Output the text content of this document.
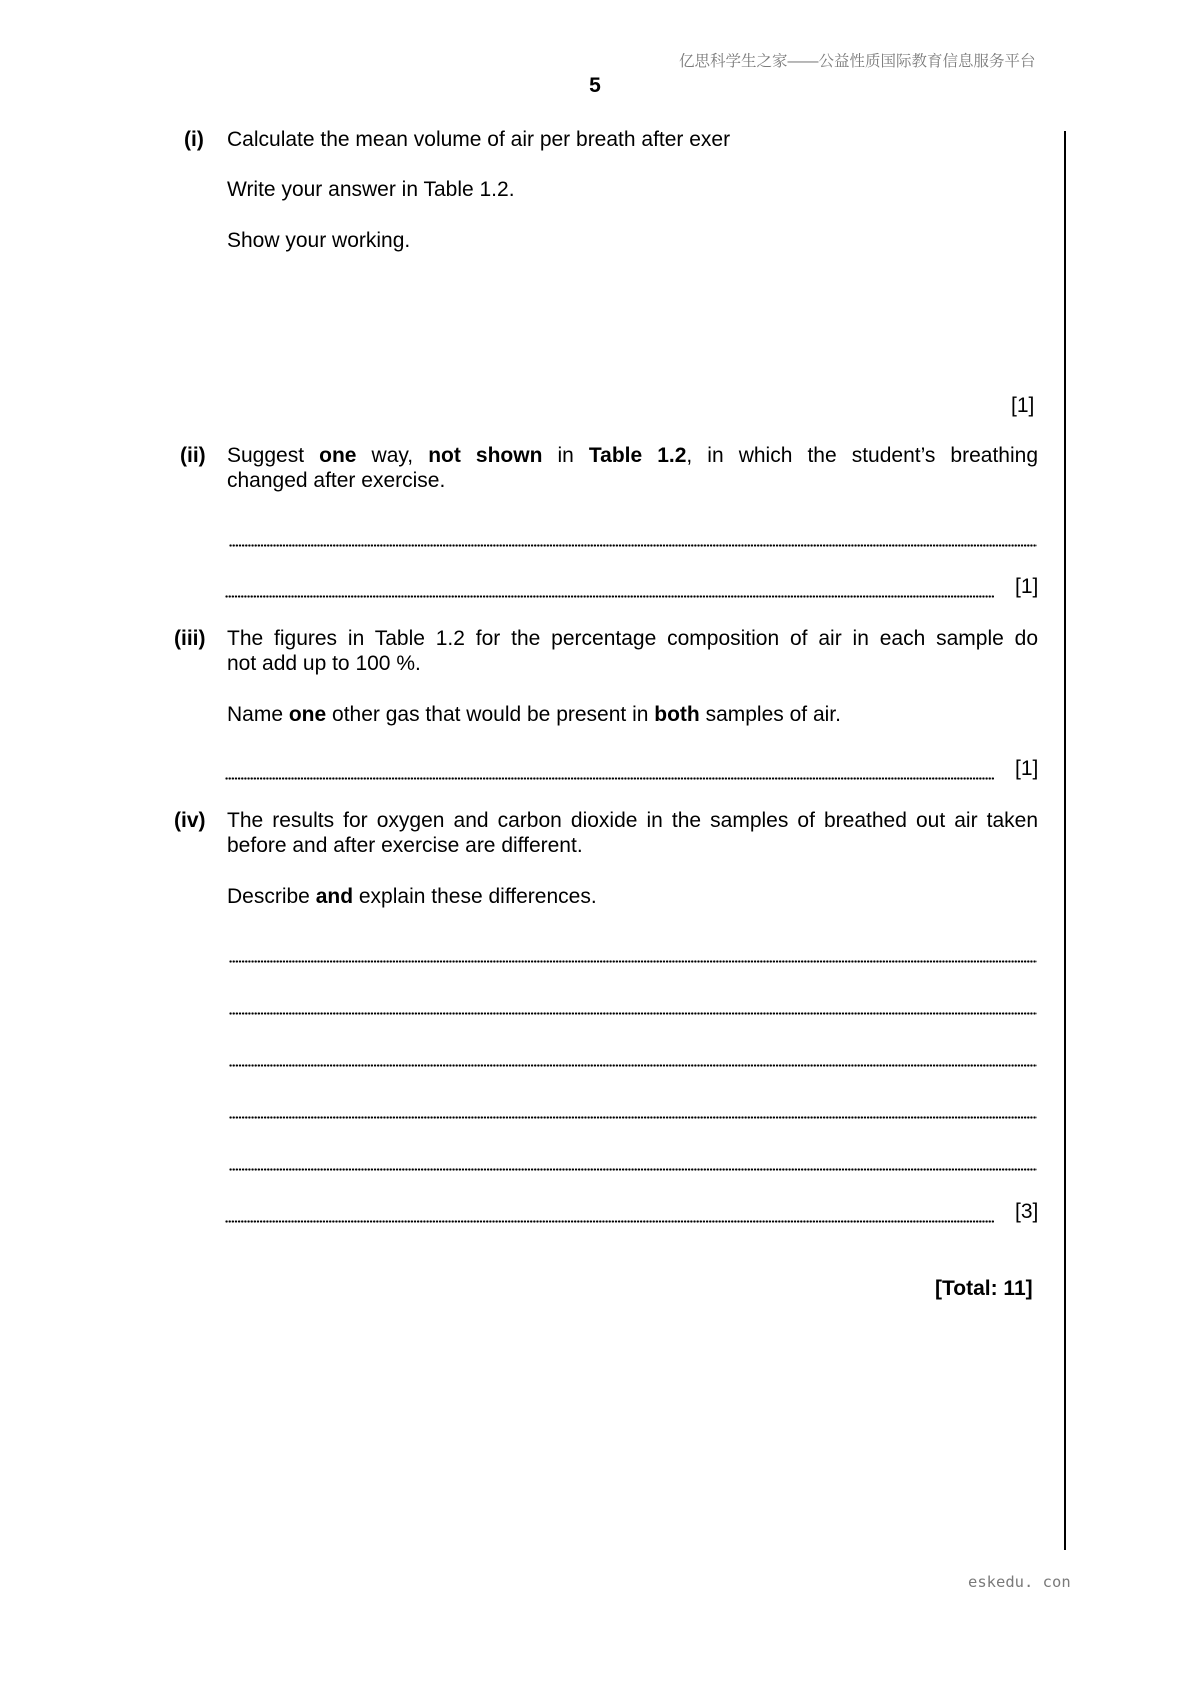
亿思科学生之家——公益性质国际教育信息服务平台
5
(i) Calculate the mean volume of air per breath after exer
Write your answer in Table 1.2.
Show your working.
[1]
(ii) Suggest one way, not shown in Table 1.2, in which the student’s breathing
changed after exercise.
[1]
(iii) The figures in Table 1.2 for the percentage composition of air in each sample do
not add up to 100 %.
Name one other gas that would be present in both samples of air.
[1]
(iv) The results for oxygen and carbon dioxide in the samples of breathed out air taken
before and after exercise are different.
Describe and explain these differences.
[3]
[Total: 11]
eskedu. con
